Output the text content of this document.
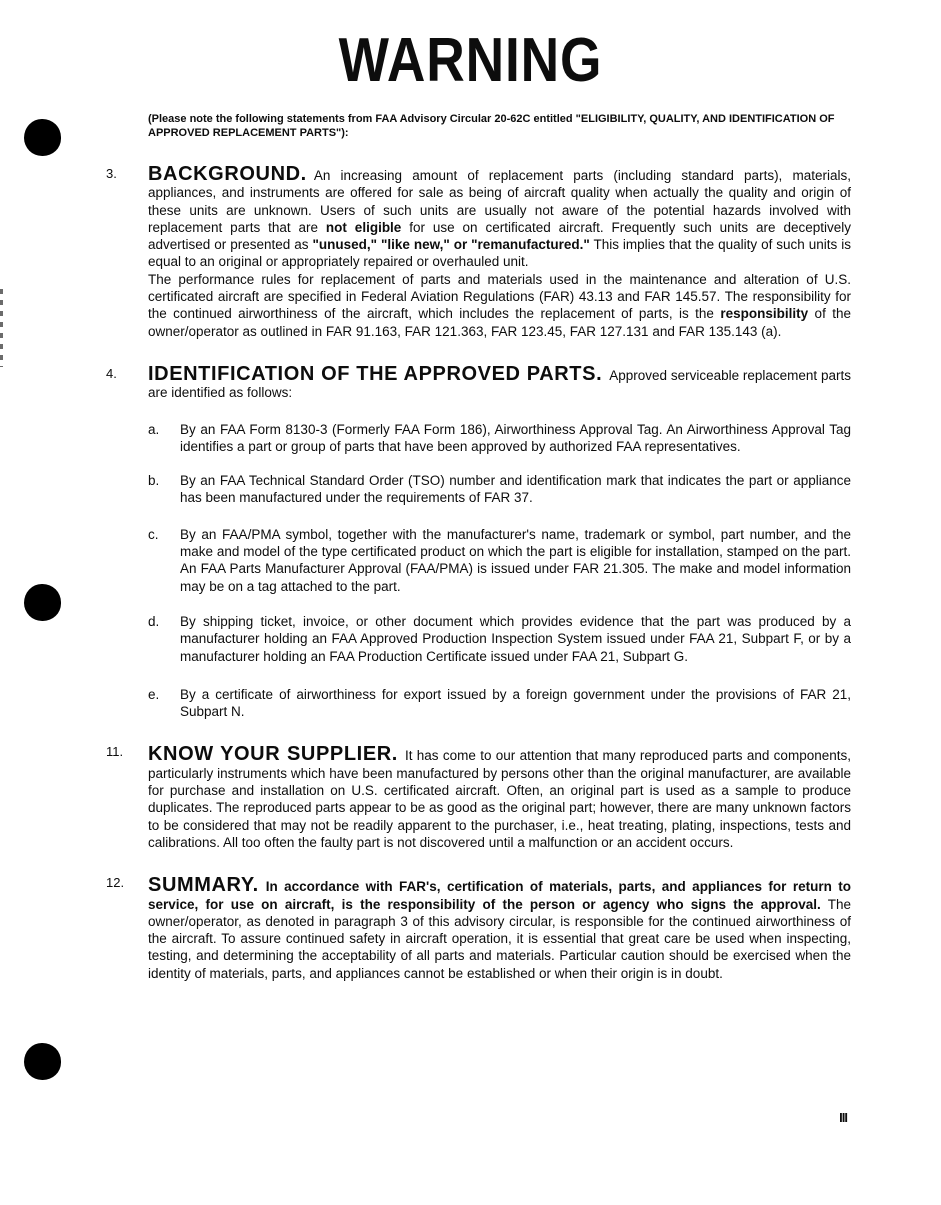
WARNING

(Please note the following statements from FAA Advisory Circular 20-62C entitled "ELIGIBILITY, QUALITY, AND IDENTIFICATION OF APPROVED REPLACEMENT PARTS"):

3. BACKGROUND. An increasing amount of replacement parts (including standard parts), materials, appliances, and instruments are offered for sale as being of aircraft quality when actually the quality and origin of these units are unknown. Users of such units are usually not aware of the potential hazards involved with replacement parts that are not eligible for use on certificated aircraft. Frequently such units are deceptively advertised or presented as "unused," "like new," or "remanufactured." This implies that the quality of such units is equal to an original or appropriately repaired or overhauled unit.

The performance rules for replacement of parts and materials used in the maintenance and alteration of U.S. certificated aircraft are specified in Federal Aviation Regulations (FAR) 43.13 and FAR 145.57. The responsibility for the continued airworthiness of the aircraft, which includes the replacement of parts, is the responsibility of the owner/operator as outlined in FAR 91.163, FAR 121.363, FAR 123.45, FAR 127.131 and FAR 135.143 (a).

4. IDENTIFICATION OF THE APPROVED PARTS. Approved serviceable replacement parts are identified as follows:

a. By an FAA Form 8130-3 (Formerly FAA Form 186), Airworthiness Approval Tag. An Airworthiness Approval Tag identifies a part or group of parts that have been approved by authorized FAA representatives.

b. By an FAA Technical Standard Order (TSO) number and identification mark that indicates the part or appliance has been manufactured under the requirements of FAR 37.

c. By an FAA/PMA symbol, together with the manufacturer's name, trademark or symbol, part number, and the make and model of the type certificated product on which the part is eligible for installation, stamped on the part. An FAA Parts Manufacturer Approval (FAA/PMA) is issued under FAR 21.305. The make and model information may be on a tag attached to the part.

d. By shipping ticket, invoice, or other document which provides evidence that the part was produced by a manufacturer holding an FAA Approved Production Inspection System issued under FAA 21, Subpart F, or by a manufacturer holding an FAA Production Certificate issued under FAA 21, Subpart G.

e. By a certificate of airworthiness for export issued by a foreign government under the provisions of FAR 21, Subpart N.

11. KNOW YOUR SUPPLIER. It has come to our attention that many reproduced parts and components, particularly instruments which have been manufactured by persons other than the original manufacturer, are available for purchase and installation on U.S. certificated aircraft. Often, an original part is used as a sample to produce duplicates. The reproduced parts appear to be as good as the original part; however, there are many unknown factors to be considered that may not be readily apparent to the purchaser, i.e., heat treating, plating, inspections, tests and calibrations. All too often the faulty part is not discovered until a malfunction or an accident occurs.

12. SUMMARY. In accordance with FAR's, certification of materials, parts, and appliances for return to service, for use on aircraft, is the responsibility of the person or agency who signs the approval. The owner/operator, as denoted in paragraph 3 of this advisory circular, is responsible for the continued airworthiness of the aircraft. To assure continued safety in aircraft operation, it is essential that great care be used when inspecting, testing, and determining the acceptability of all parts and materials. Particular caution should be exercised when the identity of materials, parts, and appliances cannot be established or when their origin is in doubt.

III
